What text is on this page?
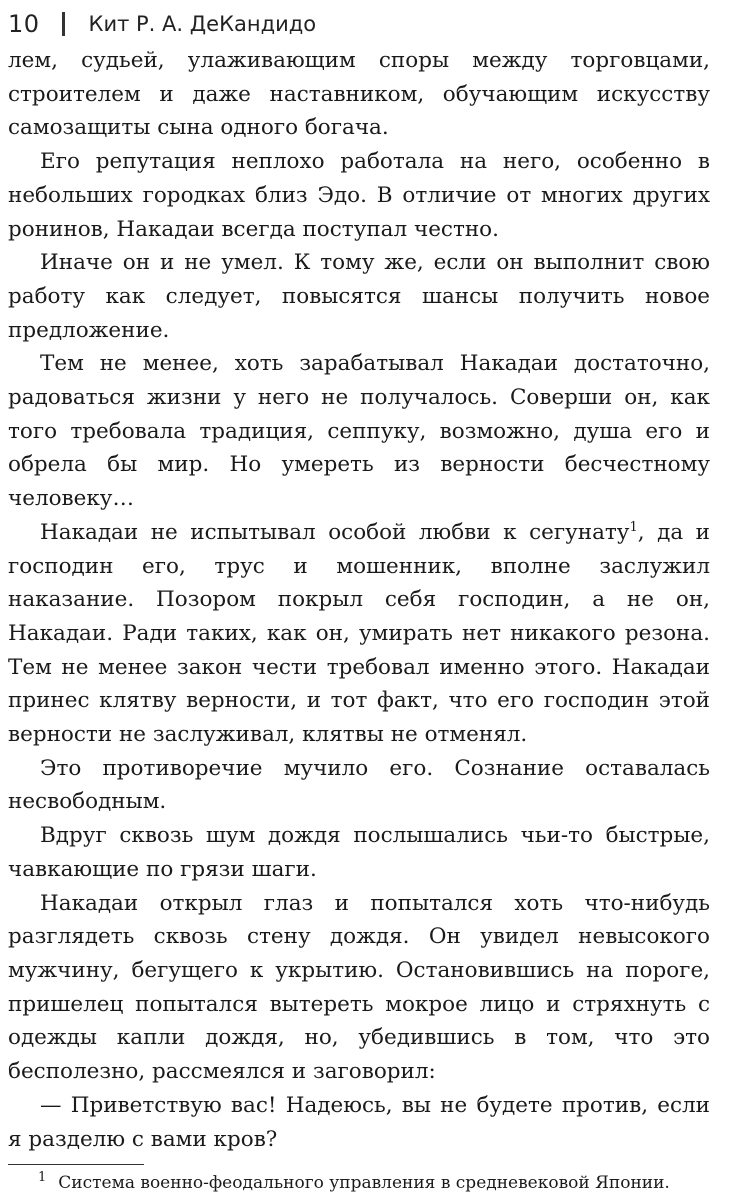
10 Кит Р. А. ДеКандидо

лем, судьей, улаживающим споры между торговцами, строителем и даже наставником, обучающим искусству самозащиты сына одного богача.

Его репутация неплохо работала на него, особенно в небольших городках близ Эдо. В отличие от многих других ронинов, Накадаи всегда поступал честно.

Иначе он и не умел. К тому же, если он выполнит свою работу как следует, повысятся шансы получить новое предложение.

Тем не менее, хоть зарабатывал Накадаи достаточно, радоваться жизни у него не получалось. Соверши он, как того требовала традиция, сеппуку, возможно, душа его и обрела бы мир. Но умереть из верности бесчестному человеку…

Накадаи не испытывал особой любви к сегунату$^1$, да и господин его, трус и мошенник, вполне заслужил наказание. Позором покрыл себя господин, а не он, Накадаи. Ради таких, как он, умирать нет никакого резона. Тем не менее закон чести требовал именно этого. Накадаи принес клятву верности, и тот факт, что его господин этой верности не заслуживал, клятвы не отменял.

Это противоречие мучило его. Сознание оставалась несвободным.

Вдруг сквозь шум дождя послышались чьи-то быстрые, чавкающие по грязи шаги.

Накадаи открыл глаз и попытался хоть что-нибудь разглядеть сквозь стену дождя. Он увидел невысокого мужчину, бегущего к укрытию. Остановившись на пороге, пришелец попытался вытереть мокрое лицо и стряхнуть с одежды капли дождя, но, убедившись в том, что это бесполезно, рассмеялся и заговорил:

— Приветствую вас! Надеюсь, вы не будете против, если я разделю с вами кров?

$^1$ Система военно-феодального управления в средневековой Японии.
